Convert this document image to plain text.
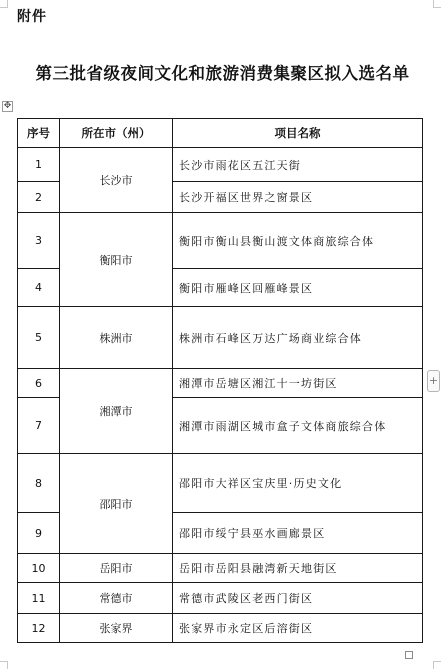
附件
第三批省级夜间文化和旅游消费集聚区拟入选名单
✥
序号	所在市（州）	项目名称
1	长沙市	长沙市雨花区五江天街
2		长沙开福区世界之窗景区
3	衡阳市	衡阳市衡山县衡山渡文体商旅综合体
4		衡阳市雁峰区回雁峰景区
5	株洲市	株洲市石峰区万达广场商业综合体
6	湘潭市	湘潭市岳塘区湘江十一坊街区
7		湘潭市雨湖区城市盒子文体商旅综合体
8	邵阳市	邵阳市大祥区宝庆里·历史文化
9		邵阳市绥宁县巫水画廊景区
10	岳阳市	岳阳市岳阳县融湾新天地街区
11	常德市	常德市武陵区老西门街区
12	张家界	张家界市永定区后溶街区
+
